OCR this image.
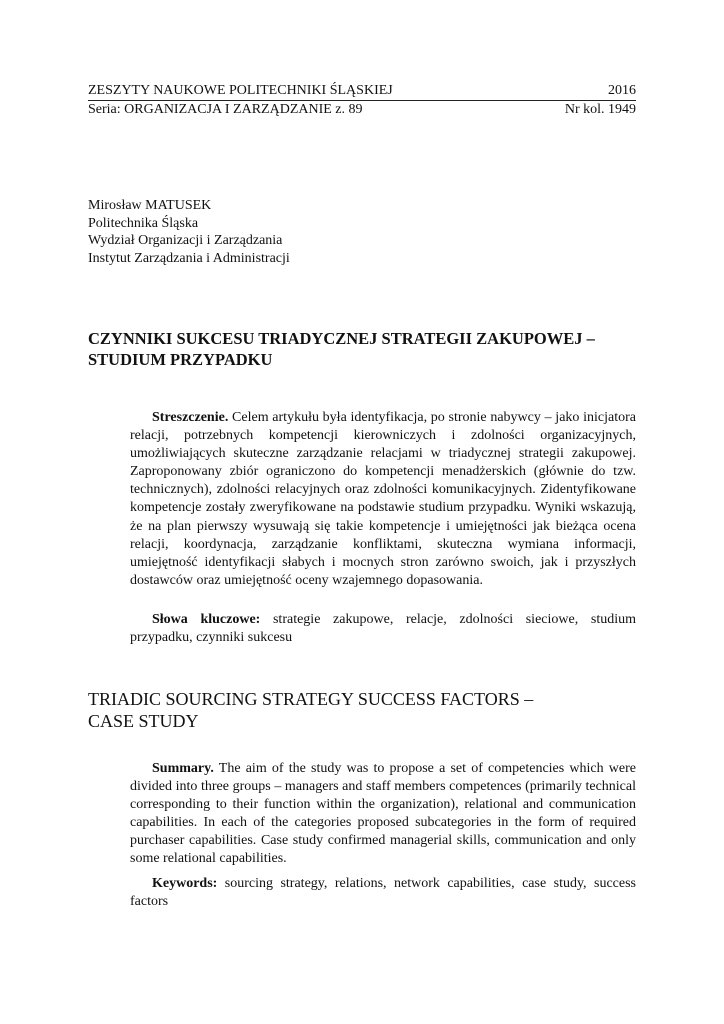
ZESZYTY NAUKOWE POLITECHNIKI ŚLĄSKIEJ	2016
Seria: ORGANIZACJA I ZARZĄDZANIE z. 89	Nr kol. 1949
Mirosław MATUSEK
Politechnika Śląska
Wydział Organizacji i Zarządzania
Instytut Zarządzania i Administracji
CZYNNIKI SUKCESU TRIADYCZNEJ STRATEGII ZAKUPOWEJ –
STUDIUM PRZYPADKU

Streszczenie. Celem artykułu była identyfikacja, po stronie nabywcy – jako inicjatora relacji, potrzebnych kompetencji kierowniczych i zdolności organizacyjnych, umożliwiających skuteczne zarządzanie relacjami w triadycznej strategii zakupowej. Zaproponowany zbiór ograniczono do kompetencji menadżerskich (głównie do tzw. technicznych), zdolności relacyjnych oraz zdolności komunikacyjnych. Zidentyfikowane kompetencje zostały zweryfikowane na podstawie studium przypadku. Wyniki wskazują, że na plan pierwszy wysuwają się takie kompetencje i umiejętności jak bieżąca ocena relacji, koordynacja, zarządzanie konfliktami, skuteczna wymiana informacji, umiejętność identyfikacji słabych i mocnych stron zarówno swoich, jak i przyszłych dostawców oraz umiejętność oceny wzajemnego dopasowania.

Słowa kluczowe: strategie zakupowe, relacje, zdolności sieciowe, studium przypadku, czynniki sukcesu

TRIADIC SOURCING STRATEGY SUCCESS FACTORS –
CASE STUDY

Summary. The aim of the study was to propose a set of competencies which were divided into three groups – managers and staff members competences (primarily technical corresponding to their function within the organization), relational and communication capabilities. In each of the categories proposed subcategories in the form of required purchaser capabilities. Case study confirmed managerial skills, communication and only some relational capabilities.

Keywords: sourcing strategy, relations, network capabilities, case study, success factors
